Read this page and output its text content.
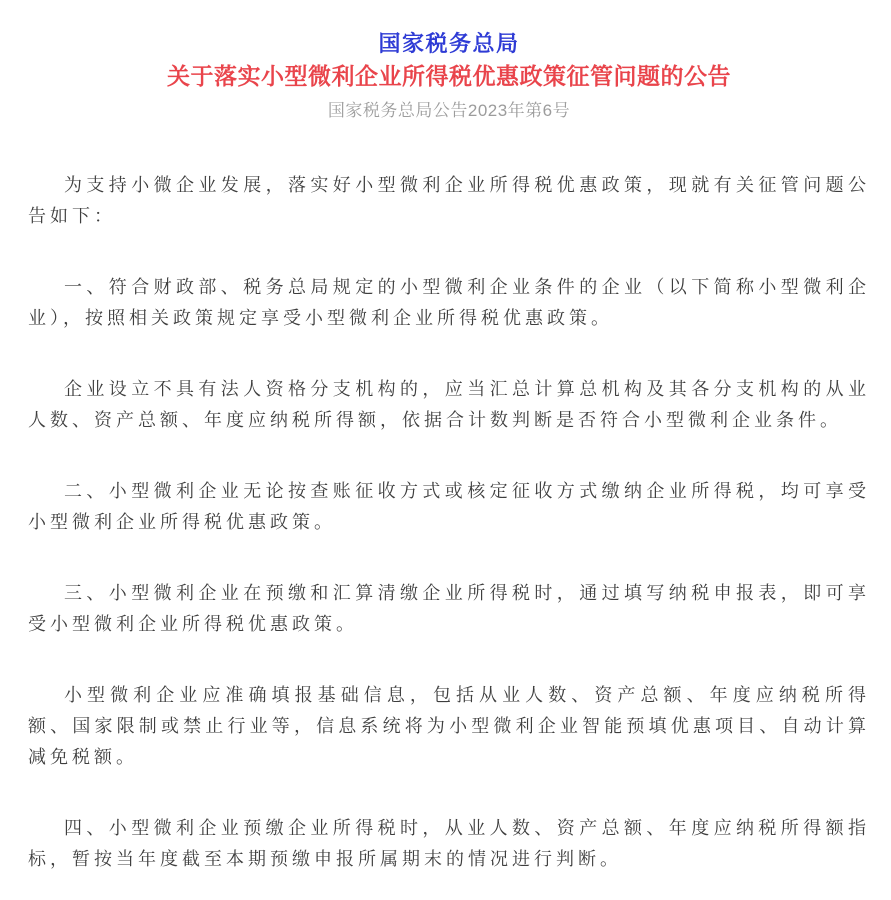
国家税务总局
关于落实小型微利企业所得税优惠政策征管问题的公告
国家税务总局公告2023年第6号

为支持小微企业发展，落实好小型微利企业所得税优惠政策，现就有关征管问题公告如下：

一、符合财政部、税务总局规定的小型微利企业条件的企业（以下简称小型微利企业），按照相关政策规定享受小型微利企业所得税优惠政策。

企业设立不具有法人资格分支机构的，应当汇总计算总机构及其各分支机构的从业人数、资产总额、年度应纳税所得额，依据合计数判断是否符合小型微利企业条件。

二、小型微利企业无论按查账征收方式或核定征收方式缴纳企业所得税，均可享受小型微利企业所得税优惠政策。

三、小型微利企业在预缴和汇算清缴企业所得税时，通过填写纳税申报表，即可享受小型微利企业所得税优惠政策。

小型微利企业应准确填报基础信息，包括从业人数、资产总额、年度应纳税所得额、国家限制或禁止行业等，信息系统将为小型微利企业智能预填优惠项目、自动计算减免税额。

四、小型微利企业预缴企业所得税时，从业人数、资产总额、年度应纳税所得额指标，暂按当年度截至本期预缴申报所属期末的情况进行判断。
